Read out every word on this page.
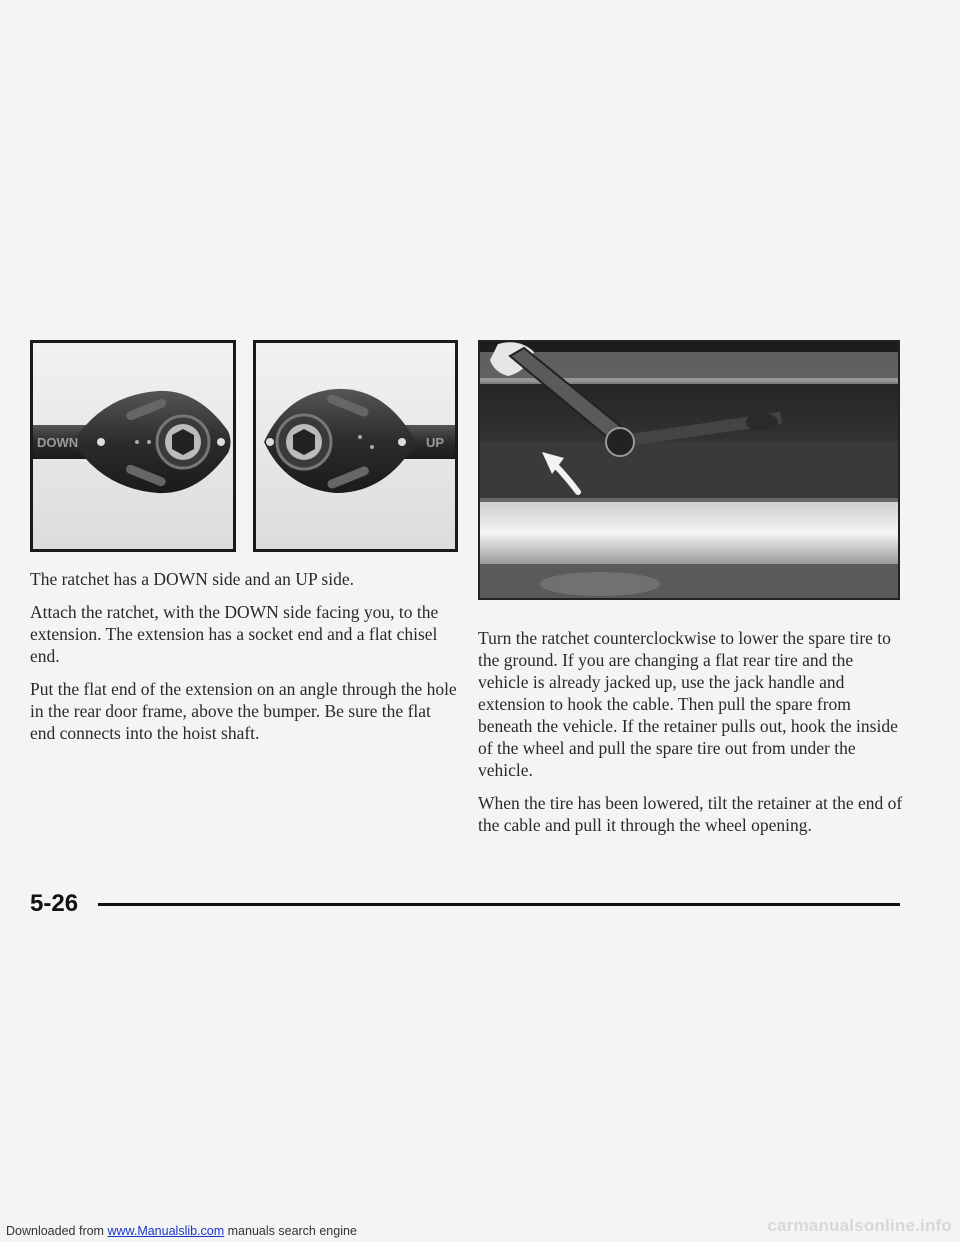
DOWN	UP

The ratchet has a DOWN side and an UP side.

Attach the ratchet, with the DOWN side facing you, to the extension. The extension has a socket end and a flat chisel end.

Put the flat end of the extension on an angle through the hole in the rear door frame, above the bumper. Be sure the flat end connects into the hoist shaft.

Turn the ratchet counterclockwise to lower the spare tire to the ground. If you are changing a flat rear tire and the vehicle is already jacked up, use the jack handle and extension to hook the cable. Then pull the spare from beneath the vehicle. If the retainer pulls out, hook the inside of the wheel and pull the spare tire out from under the vehicle.

When the tire has been lowered, tilt the retainer at the end of the cable and pull it through the wheel opening.

5-26

Downloaded from www.Manualslib.com manuals search engine	carmanualsonline.info
